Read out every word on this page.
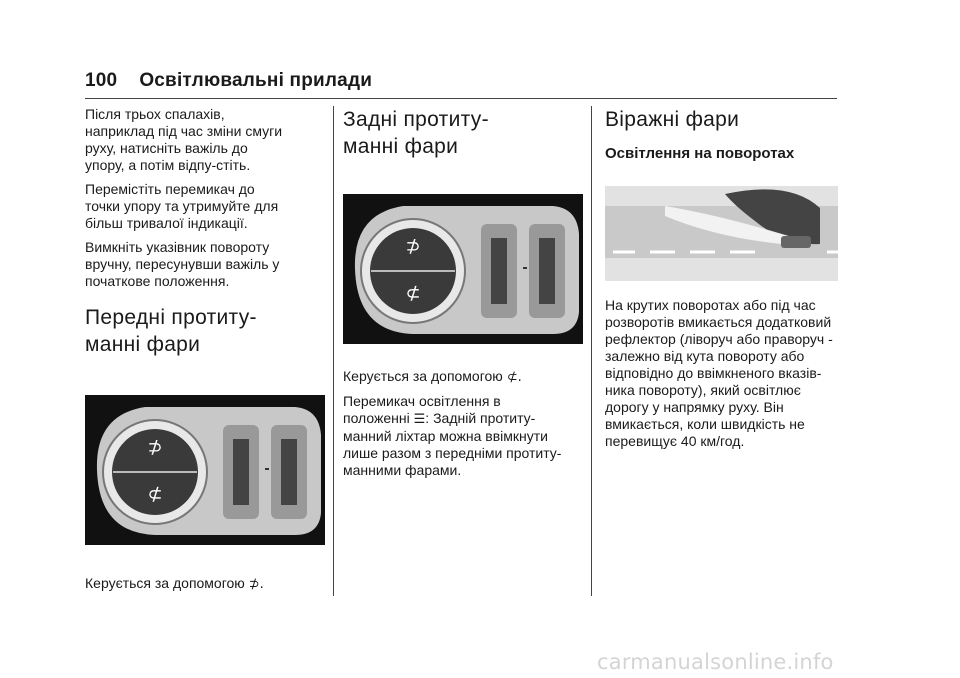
100 Освітлювальні прилади

Після трьох спалахів, наприклад під час зміни смуги руху, натисніть важіль до упору, а потім відпу-стіть.

Перемістіть перемикач до точки упору та утримуйте для більш тривалої індикації.

Вимкніть указівник повороту вручну, пересунувши важіль у початкове положення.

Передні протиту-
манні фари
⊅
⊄

Керується за допомогою ⊅.

Задні протиту-
манні фари
⊅
⊄

Керується за допомогою ⊄.

Перемикач освітлення в
положенні ☰: Задній протиту- манний ліхтар можна ввімкнути лише разом з передніми протиту-манними фарами.

Віражні фари
Освітлення на поворотах

На крутих поворотах або під час розворотів вмикається додатковий рефлектор (ліворуч або праворуч - залежно від кута повороту або відповідно до ввімкненого вказів-ника повороту), який освітлює дорогу у напрямку руху. Він вмикається, коли швидкість не перевищує 40 км/год.

carmanualsonline.info
